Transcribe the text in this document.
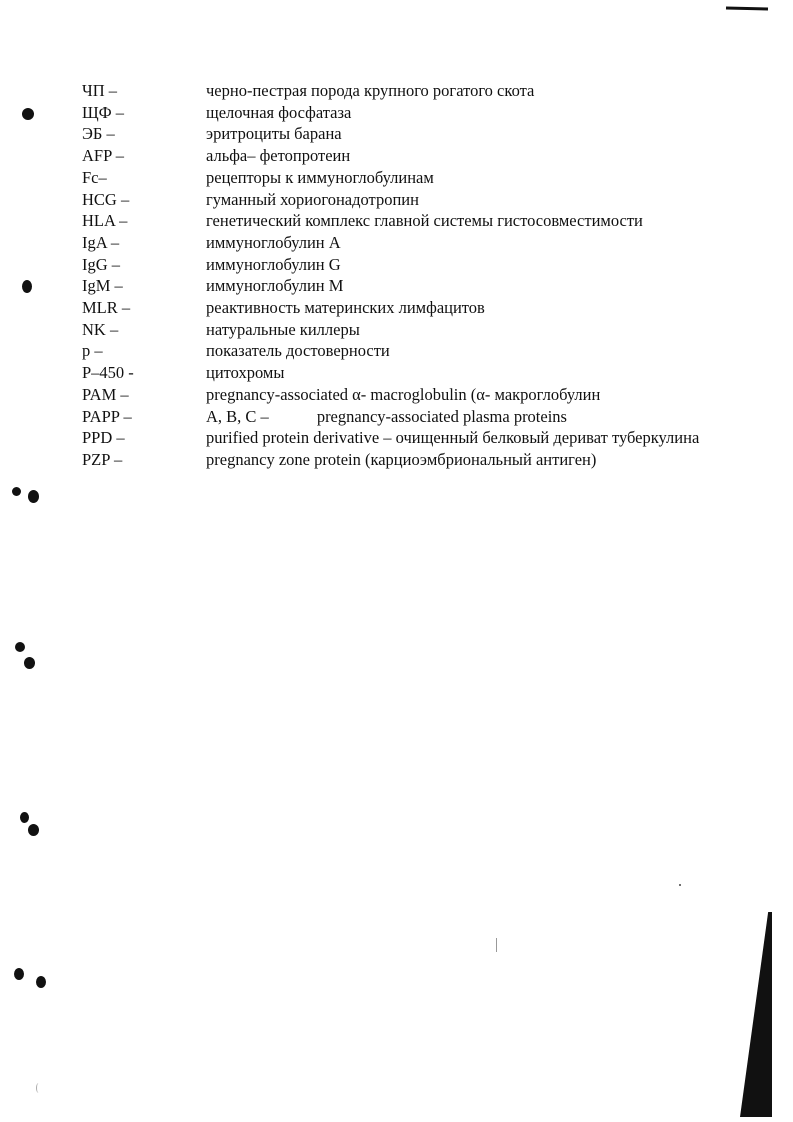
ЧП –	черно-пестрая порода крупного рогатого скота
ЩФ –	щелочная фосфатаза
ЭБ –	эритроциты барана
AFP –	альфа– фетопротеин
Fc–	рецепторы к иммуноглобулинам
HCG –	гуманный хориогонадотропин
HLA –	генетический комплекс главной системы гистосовместимости
IgA –	иммуноглобулин А
IgG –	иммуноглобулин G
IgM –	иммуноглобулин М
MLR –	реактивность материнских лимфацитов
NK –	натуральные киллеры
p –	показатель достоверности
P–450 -	цитохромы
PAM –	pregnancy-associated α- macroglobulin (α- макроглобулин
PAPP –	A, B, C –	pregnancy-associated plasma proteins
PPD –	purified protein derivative – очищенный белковый дериват туберкулина
PZP –	pregnancy zone protein (карциоэмбриональный антиген)
